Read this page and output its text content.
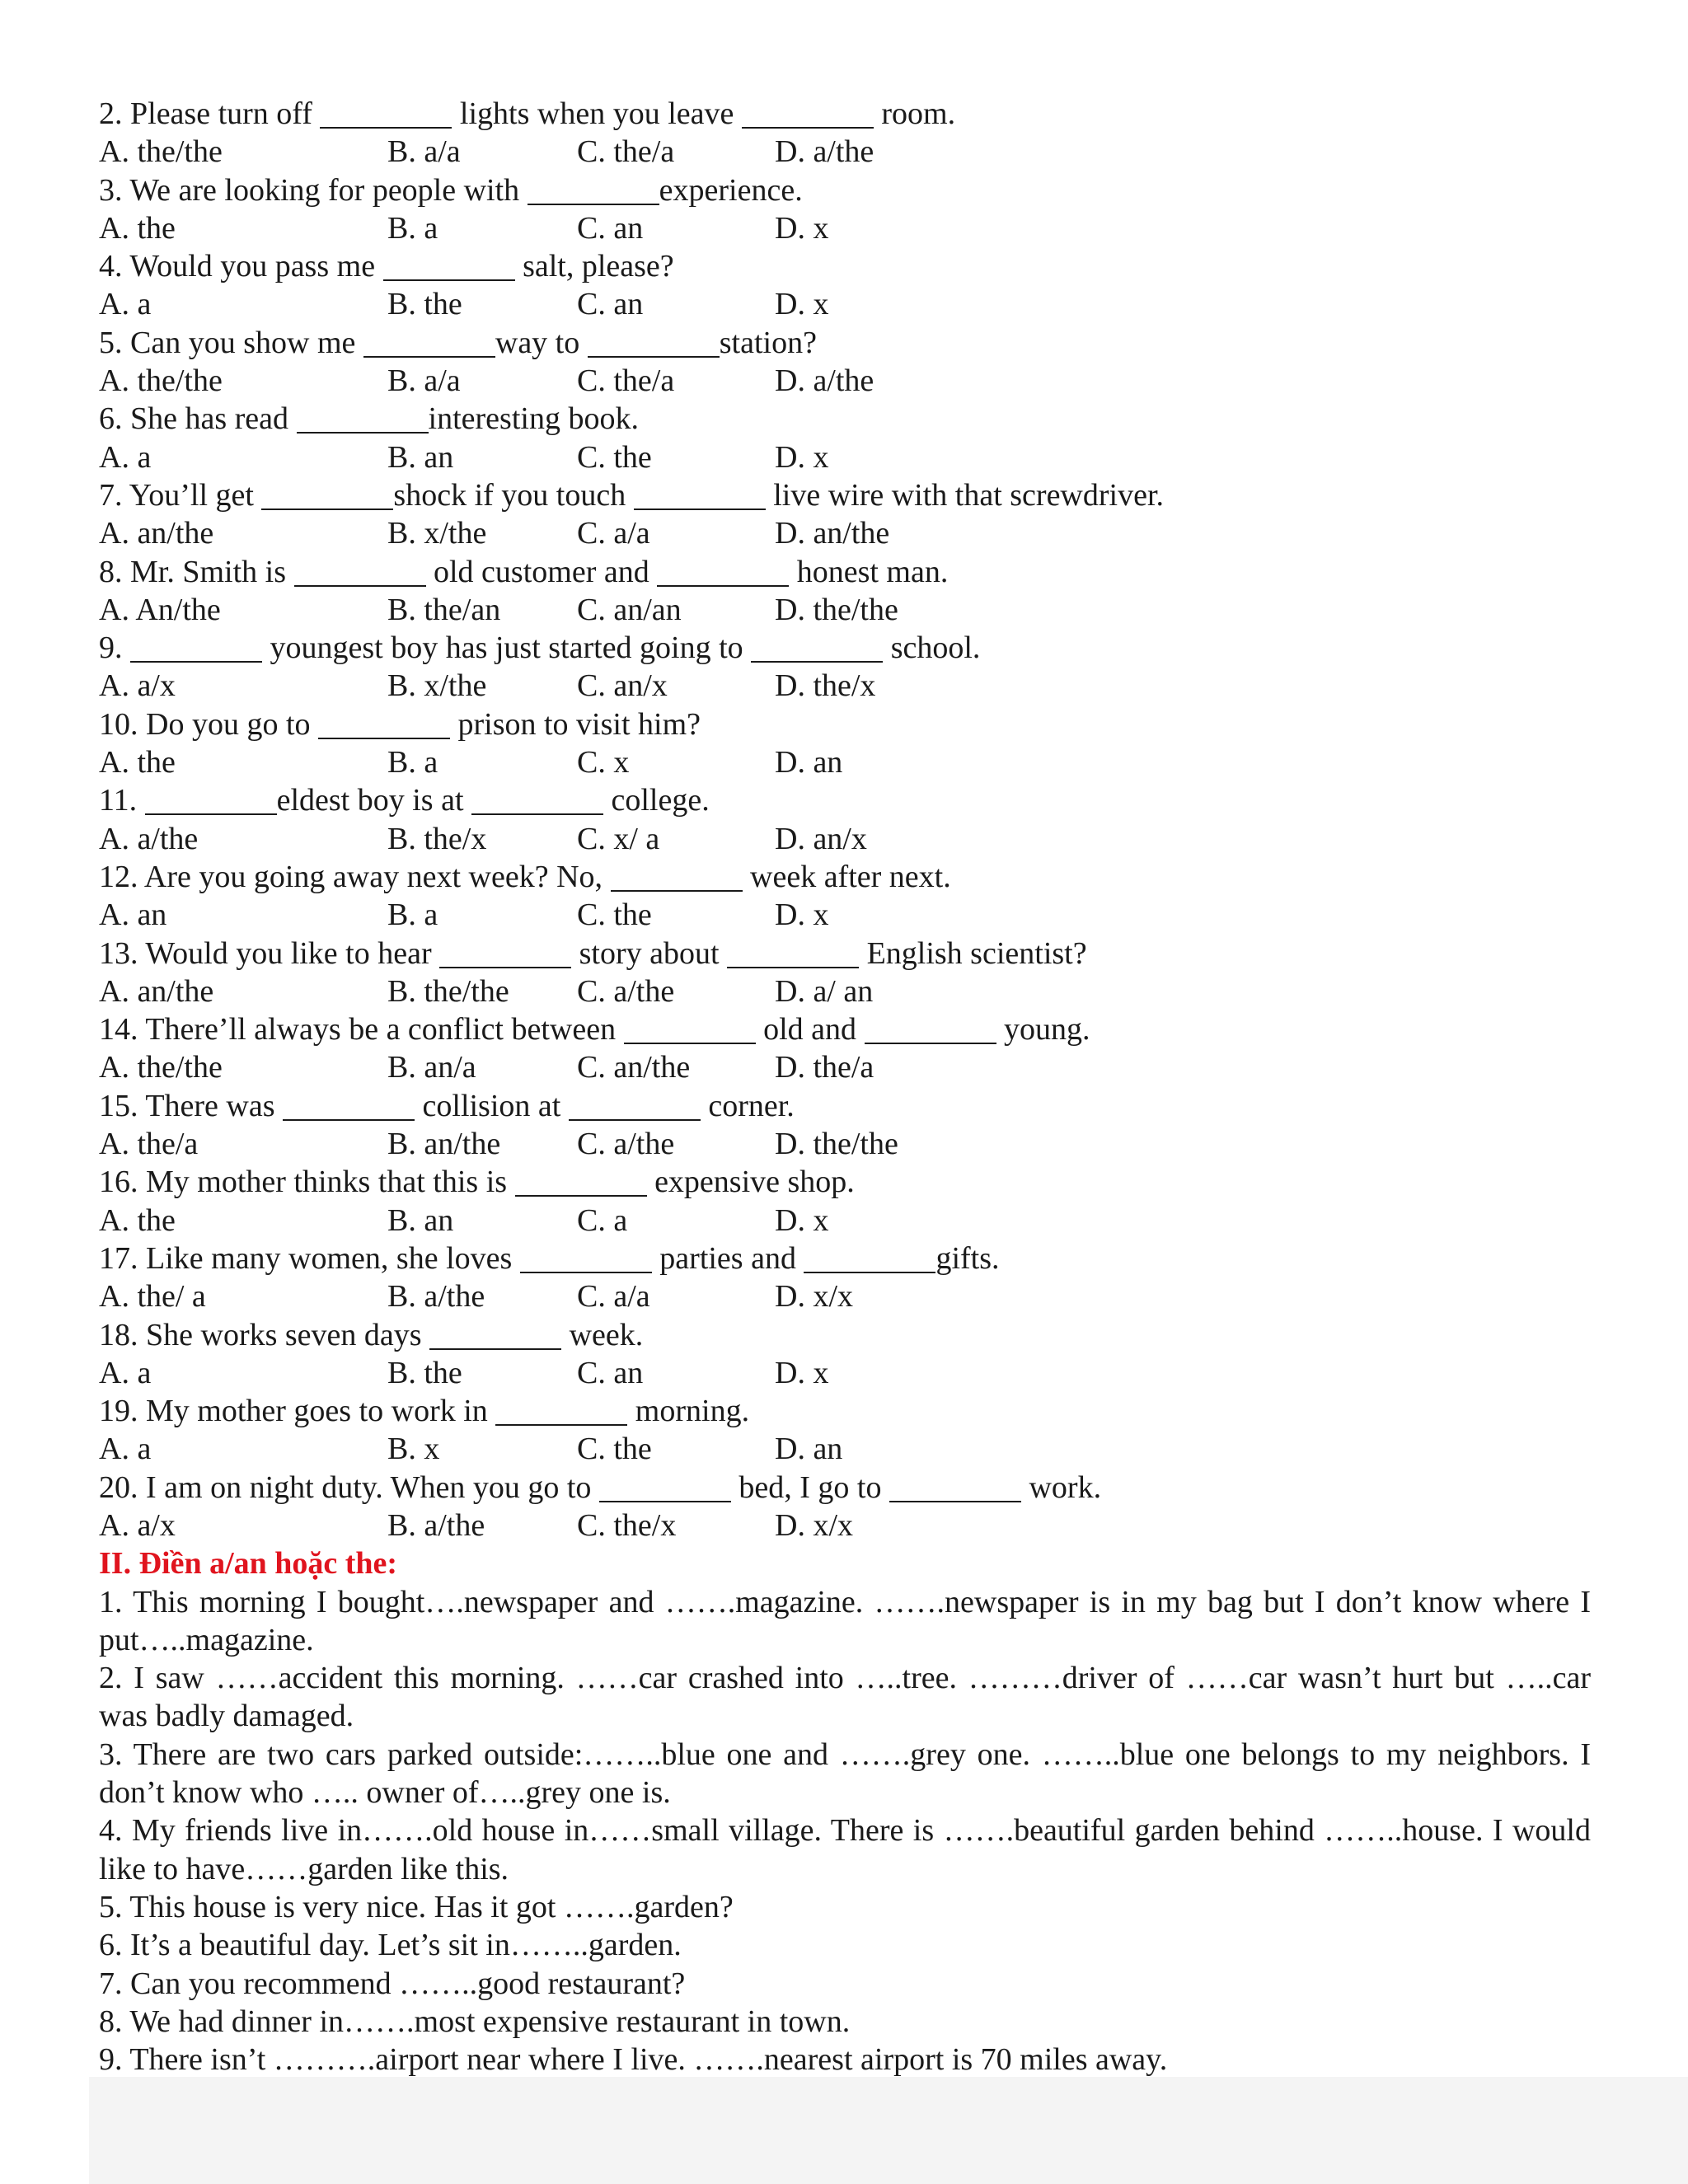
2. Please turn off	lights when you leave	room.
A. the/the	B. a/a	C. the/a	D. a/the
3. We are looking for people with	experience.
A. the	B. a	C. an	D. x
4. Would you pass me	salt, please?
A. a	B. the	C. an	D. x
5. Can you show me	way to	station?
A. the/the	B. a/a	C. the/a	D. a/the
6. She has read	interesting book.
A. a	B. an	C. the	D. x
7. You’ll get	shock if you touch	live wire with that screwdriver.
A. an/the	B. x/the	C. a/a	D. an/the
8. Mr. Smith is	old customer and	honest man.
A. An/the	B. the/an C. an/an	D. the/the
9.	youngest boy has just started going to	school.
A. a/x	B. x/the	C. an/x	D. the/x
10. Do you go to	prison to visit him?
A. the	B. a	C. x	D. an
11.	eldest boy is at	college.
A. a/the	B. the/x	C. x/ a	D. an/x
12. Are you going away next week? No,	week after next.
A. an	B. a	C. the	D. x
13. Would you like to hear	story about	English scientist?
A. an/the	B. the/the C. a/the	D. a/ an
14. There’ll always be a conflict between	old and	young.
A. the/the	B. an/a	C. an/the	D. the/a
15. There was	collision at	corner.
A. the/a	B. an/the C. a/the	D. the/the
16. My mother thinks that this is	expensive shop.
A. the	B. an	C. a	D. x
17. Like many women, she loves	parties and	gifts.
A. the/ a	B. a/the	C. a/a	D. x/x
18. She works seven days	week.
A. a	B. the	C. an	D. x
19. My mother goes to work in	morning.
A. a	B. x	C. the	D. an
20. I am on night duty. When you go to	bed, I go to	work.
A. a/x	B. a/the	C. the/x	D. x/x
II. Điền a/an hoặc the:
1. This morning I bought….newspaper and …….magazine. …….newspaper is in my bag but I don’t know where I put…..magazine.
2. I saw ……accident this morning. ……car crashed into …..tree. ………driver of ……car wasn’t hurt but …..car was badly damaged.
3. There are two cars parked outside:……..blue one and …….grey one. ……..blue one belongs to my neighbors. I don’t know who ….. owner of…..grey one is.
4. My friends live in…….old house in……small village. There is …….beautiful garden behind ……..house. I would like to have……garden like this.
5. This house is very nice. Has it got …….garden?
6. It’s a beautiful day. Let’s sit in……..garden.
7. Can you recommend ……..good restaurant?
8. We had dinner in…….most expensive restaurant in town.
9. There isn’t ……….airport near where I live. …….nearest airport is 70 miles away.
